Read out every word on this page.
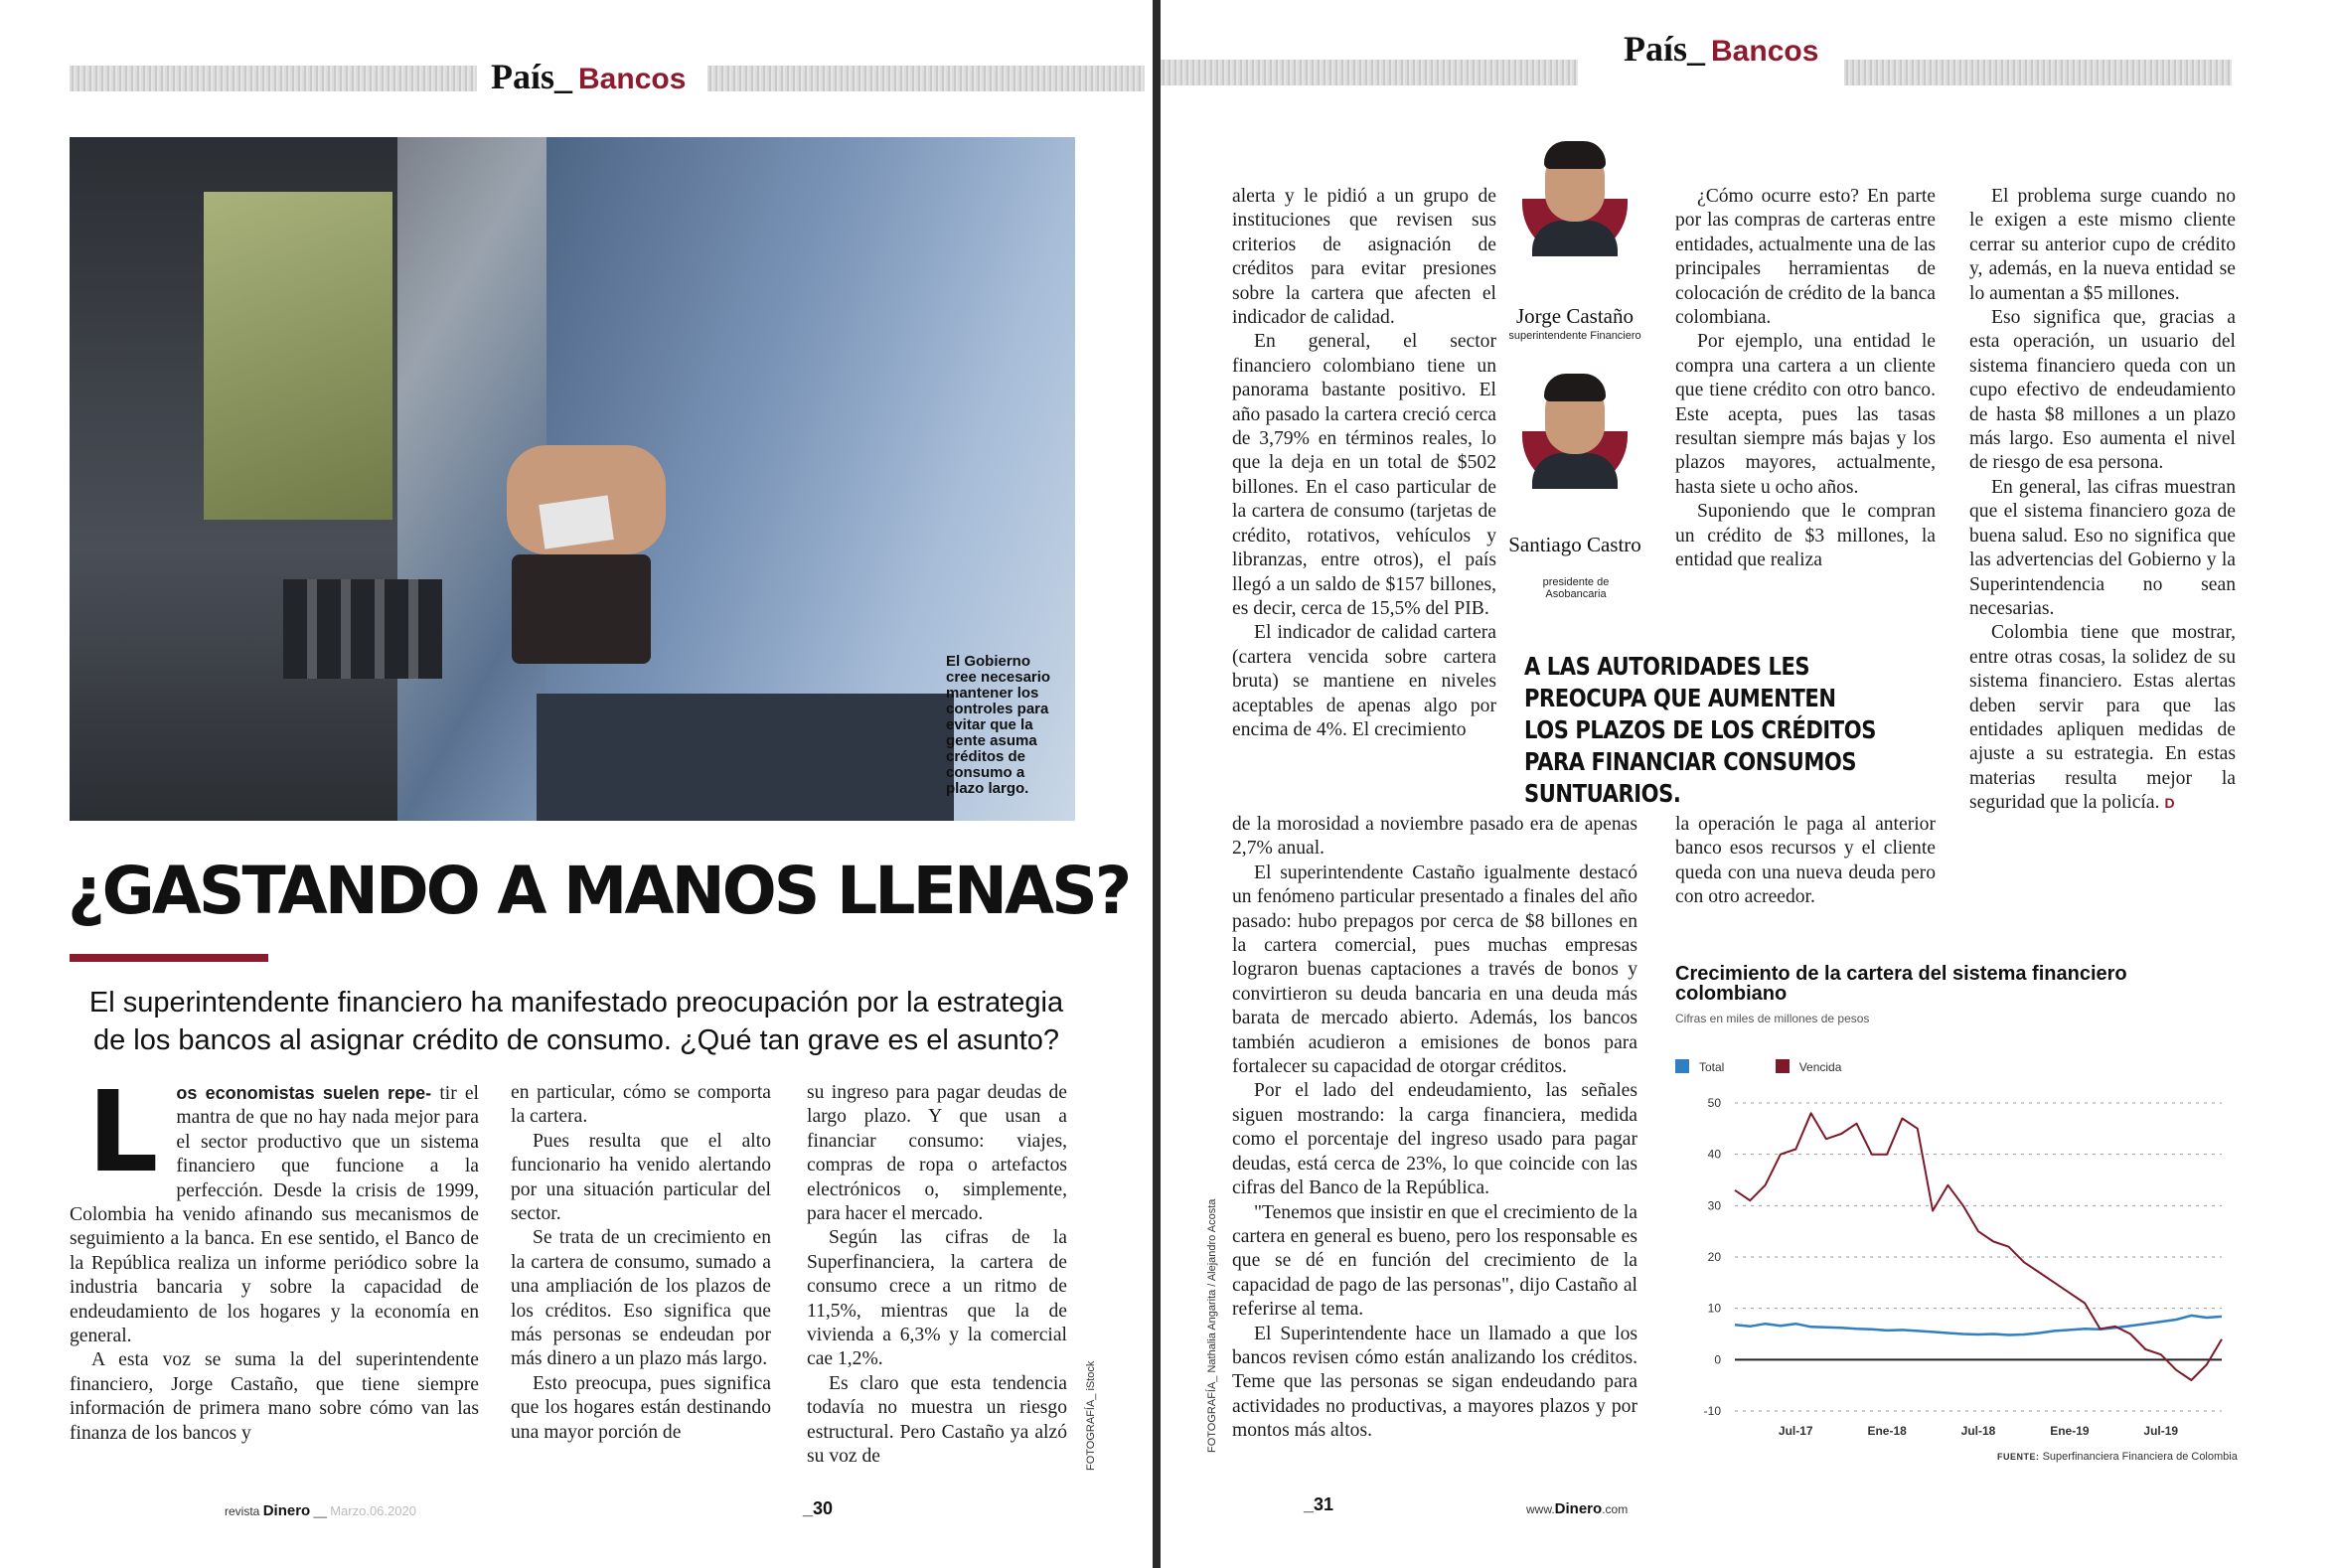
País_ Bancos
El Gobierno cree necesario mantener los controles para evitar que la gente asuma créditos de consumo a plazo largo.
FOTOGRAFÍA_ iStock
¿GASTANDO A MANOS LLENAS?
El superintendente financiero ha manifestado preocupación por la estrategia de los bancos al asignar crédito de consumo. ¿Qué tan grave es el asunto?
L	os economistas suelen repe- tir el mantra de que no hay nada mejor para el sector productivo que un sistema financiero que funcione a la perfección. Desde la crisis de 1999, Colombia ha venido afinando sus mecanismos de seguimiento a la banca. En ese sentido, el Banco de la República realiza un informe periódico sobre la industria bancaria y sobre la capacidad de endeudamiento de los hogares y la economía en general.

A esta voz se suma la del superintendente financiero, Jorge Castaño, que tiene siempre información de primera mano sobre cómo van las finanza de los bancos y

en particular, cómo se comporta la cartera.

Pues resulta que el alto funcionario ha venido alertando por una situación particular del sector.

Se trata de un crecimiento en la cartera de consumo, sumado a una ampliación de los plazos de los créditos. Eso significa que más personas se endeudan por más dinero a un plazo más largo.

Esto preocupa, pues significa que los hogares están destinando una mayor porción de

su ingreso para pagar deudas de largo plazo. Y que usan a financiar consumo: viajes, compras de ropa o artefactos electrónicos o, simplemente, para hacer el mercado.

Según las cifras de la Superfinanciera, la cartera de consumo crece a un ritmo de 11,5%, mientras que la de vivienda a 6,3% y la comercial cae 1,2%.

Es claro que esta tendencia todavía no muestra un riesgo estructural. Pero Castaño ya alzó su voz de

revista Dinero __ Marzo.06.2020	_30
País_ Bancos

alerta y le pidió a un grupo de instituciones que revisen sus criterios de asignación de créditos para evitar presiones sobre la cartera que afecten el indicador de calidad.

En general, el sector financiero colombiano tiene un panorama bastante positivo. El año pasado la cartera creció cerca de 3,79% en términos reales, lo que la deja en un total de $502 billones. En el caso particular de la cartera de consumo (tarjetas de crédito, rotativos, vehículos y libranzas, entre otros), el país llegó a un saldo de $157 billones, es decir, cerca de 15,5% del PIB.

El indicador de calidad cartera (cartera vencida sobre cartera bruta) se mantiene en niveles aceptables de apenas algo por encima de 4%. El crecimiento

de la morosidad a noviembre pasado era de apenas 2,7% anual.

El superintendente Castaño igualmente destacó un fenómeno particular presentado a finales del año pasado: hubo prepagos por cerca de $8 billones en la cartera comercial, pues muchas empresas lograron buenas captaciones a través de bonos y convirtieron su deuda bancaria en una deuda más barata de mercado abierto. Además, los bancos también acudieron a emisiones de bonos para fortalecer su capacidad de otorgar créditos.

Por el lado del endeudamiento, las señales siguen mostrando: la carga financiera, medida como el porcentaje del ingreso usado para pagar deudas, está cerca de 23%, lo que coincide con las cifras del Banco de la República.

"Tenemos que insistir en que el crecimiento de la cartera en general es bueno, pero los responsable es que se dé en función del crecimiento de la capacidad de pago de las personas", dijo Castaño al referirse al tema.

El Superintendente hace un llamado a que los bancos revisen cómo están analizando los créditos. Teme que las personas se sigan endeudando para actividades no productivas, a mayores plazos y por montos más altos.

FOTOGRAFÍA_ Nathalia Angarita / Alejandro Acosta
Jorge Castaño
superintendente Financiero
Santiago Castro
presidente de Asobancaria

¿Cómo ocurre esto? En parte por las compras de carteras entre entidades, actualmente una de las principales herramientas de colocación de crédito de la banca colombiana.

Por ejemplo, una entidad le compra una cartera a un cliente que tiene crédito con otro banco. Este acepta, pues las tasas resultan siempre más bajas y los plazos mayores, actualmente, hasta siete u ocho años.

Suponiendo que le compran un crédito de $3 millones, la entidad que realiza

la operación le paga al anterior banco esos recursos y el cliente queda con una nueva deuda pero con otro acreedor.

A LAS AUTORIDADES LES PREOCUPA QUE AUMENTEN LOS PLAZOS DE LOS CRÉDITOS PARA FINANCIAR CONSUMOS SUNTUARIOS.

El problema surge cuando no le exigen a este mismo cliente cerrar su anterior cupo de crédito y, además, en la nueva entidad se lo aumentan a $5 millones.

Eso significa que, gracias a esta operación, un usuario del sistema financiero queda con un cupo efectivo de endeudamiento de hasta $8 millones a un plazo más largo. Eso aumenta el nivel de riesgo de esa persona.

En general, las cifras muestran que el sistema financiero goza de buena salud. Eso no significa que las advertencias del Gobierno y la Superintendencia no sean necesarias.

Colombia tiene que mostrar, entre otras cosas, la solidez de su sistema financiero. Estas alertas deben servir para que las entidades apliquen medidas de ajuste a su estrategia. En estas materias resulta mejor la seguridad que la policía. D

Crecimiento de la cartera del sistema financiero colombiano
Cifras en miles de millones de pesos
Total	Vencida
50
40
30
20
10
0
-10
Jul-17	Ene-18	Jul-18	Ene-19	Jul-19
FUENTE: Superfinanciera Financiera de Colombia
www.Dinero.com
_31
